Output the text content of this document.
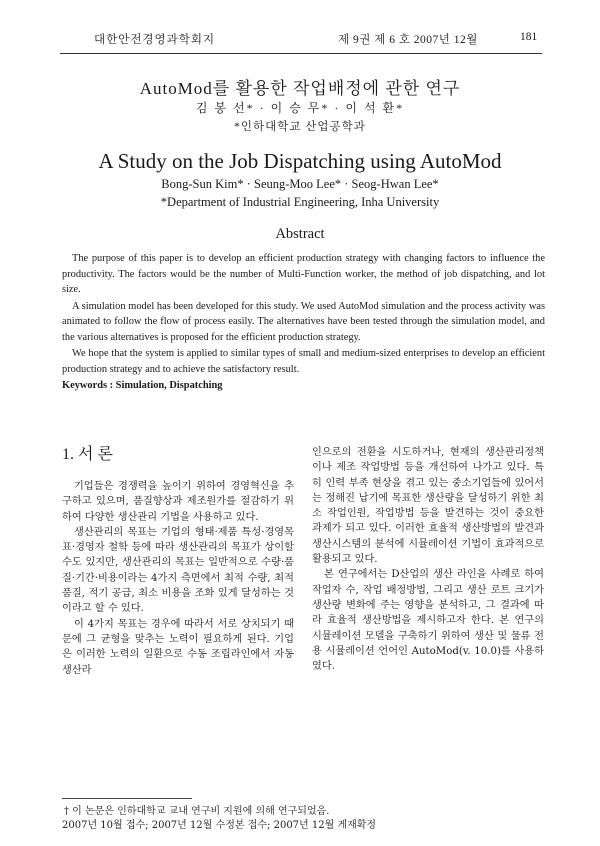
대한안전경영과학회지	제 9권 제 6 호 2007년 12월	181
AutoMod를 활용한 작업배정에 관한 연구
김 봉 선* · 이 승 무* · 이 석 환*
*인하대학교 산업공학과
A Study on the Job Dispatching using AutoMod
Bong-Sun Kim* · Seung-Moo Lee* · Seog-Hwan Lee*
*Department of Industrial Engineering, Inha University
Abstract

The purpose of this paper is to develop an efficient production strategy with changing factors to influence the productivity. The factors would be the number of Multi-Function worker, the method of job dispatching, and lot size.

A simulation model has been developed for this study. We used AutoMod simulation and the process activity was animated to follow the flow of process easily. The alternatives have been tested through the simulation model, and the various alternatives is proposed for the efficient production strategy.

We hope that the system is applied to similar types of small and medium-sized enterprises to develop an efficient production strategy and to achieve the satisfactory result.

Keywords : Simulation, Dispatching
1. 서 론

기업들은 경쟁력을 높이기 위하여 경영혁신을 추구하고 있으며, 품질향상과 제조원가를 절감하기 위하여 다양한 생산관리 기법을 사용하고 있다.

생산관리의 목표는 기업의 형태·제품 특성·경영목표·경영자 철학 등에 따라 생산관리의 목표가 상이할 수도 있지만, 생산관리의 목표는 일반적으로 수량·품질·기간·비용이라는 4가지 측면에서 최적 수량, 최적 품질, 적기 공급, 최소 비용을 조화 있게 달성하는 것이라고 할 수 있다.

이 4가지 목표는 경우에 따라서 서로 상치되기 때문에 그 균형을 맞추는 노력이 필요하게 된다. 기업은 이러한 노력의 일환으로 수동 조립라인에서 자동 생산라

인으로의 전환을 시도하거나, 현재의 생산관리정책이나 제조 작업방법 등을 개선하여 나가고 있다. 특히 인력 부족 현상을 겪고 있는 중소기업들에 있어서는 정해진 납기에 목표한 생산량을 달성하기 위한 최소 작업인원, 작업방법 등을 발견하는 것이 중요한 과제가 되고 있다. 이러한 효율적 생산방법의 발견과 생산시스템의 분석에 시뮬레이션 기법이 효과적으로 활용되고 있다.

본 연구에서는 D산업의 생산 라인을 사례로 하여 작업자 수, 작업 배정방법, 그리고 생산 로트 크기가 생산량 변화에 주는 영향을 분석하고, 그 결과에 따라 효율적 생산방법을 제시하고자 한다. 본 연구의 시뮬레이션 모델을 구축하기 위하여 생산 및 물류 전용 시뮬레이션 언어인 AutoMod(v. 10.0)를 사용하였다.

† 이 논문은 인하대학교 교내 연구비 지원에 의해 연구되었음.
2007년 10월 접수; 2007년 12월 수정본 접수; 2007년 12월 게재확정
